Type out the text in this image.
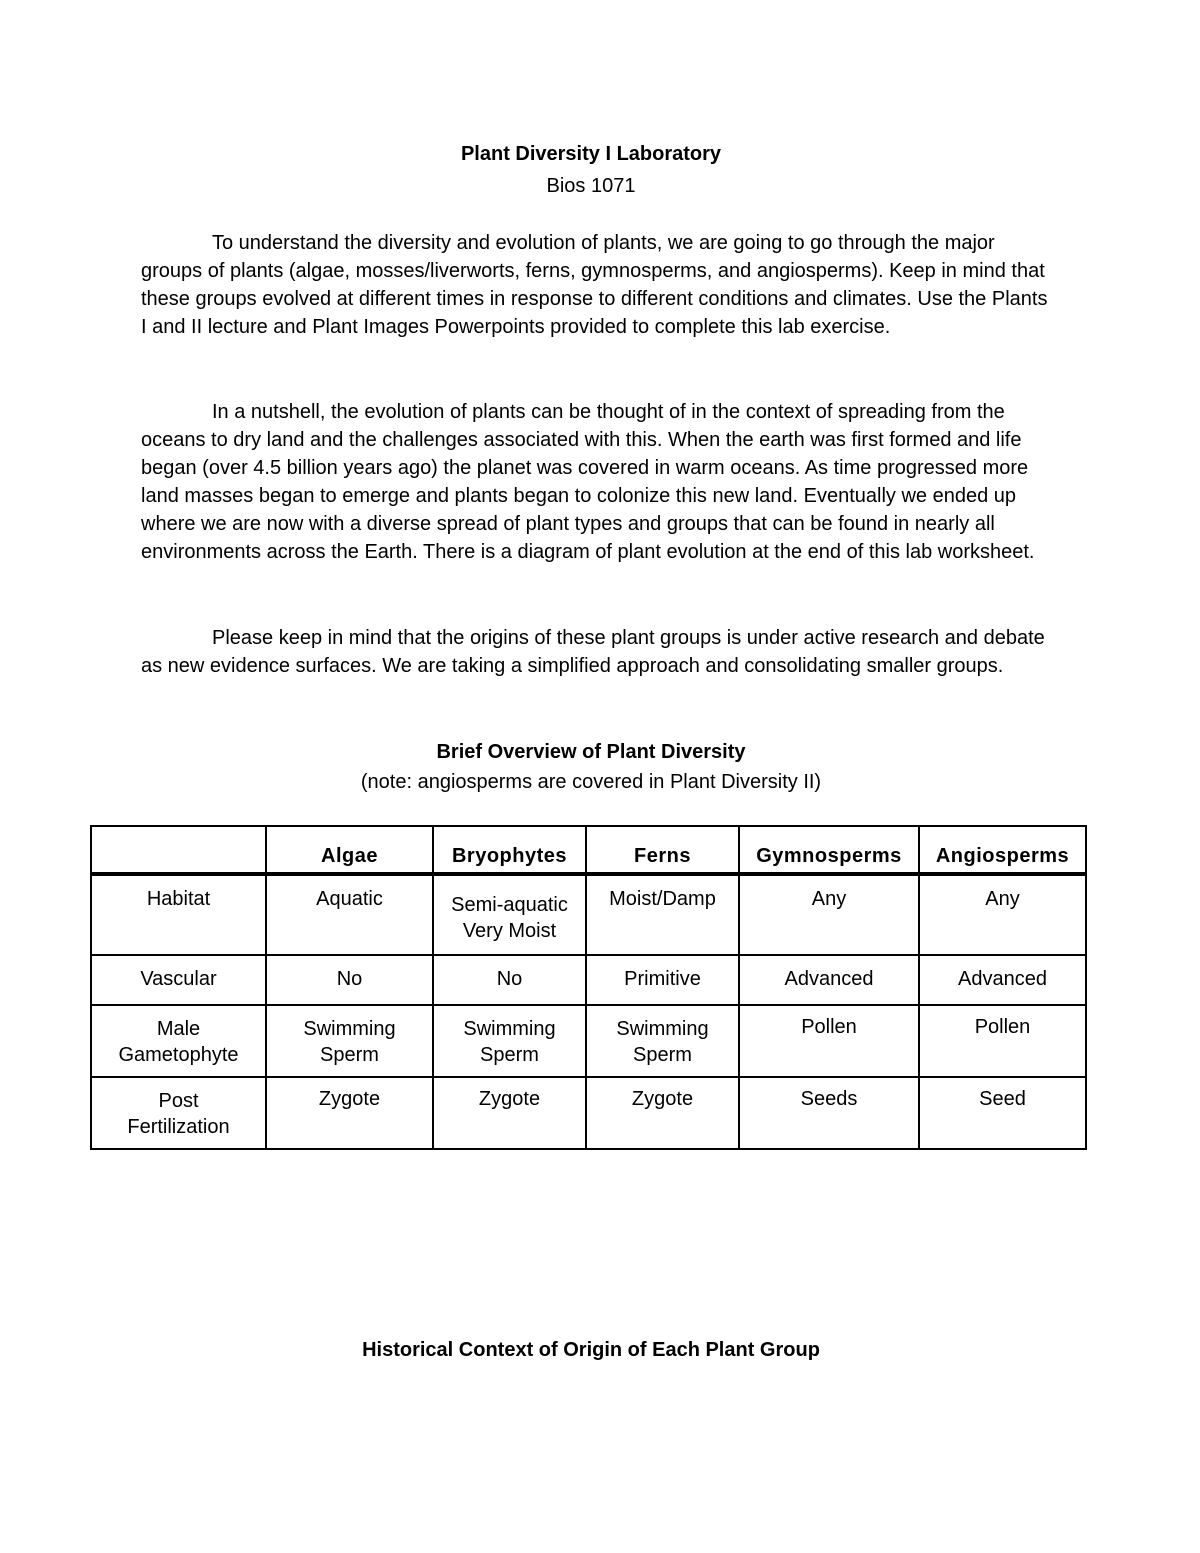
Plant Diversity I Laboratory
Bios 1071

To understand the diversity and evolution of plants, we are going to go through the major groups of plants (algae, mosses/liverworts, ferns, gymnosperms, and angiosperms). Keep in mind that these groups evolved at different times in response to different conditions and climates. Use the Plants I and II lecture and Plant Images Powerpoints provided to complete this lab exercise.

In a nutshell, the evolution of plants can be thought of in the context of spreading from the oceans to dry land and the challenges associated with this. When the earth was first formed and life began (over 4.5 billion years ago) the planet was covered in warm oceans. As time progressed more land masses began to emerge and plants began to colonize this new land. Eventually we ended up where we are now with a diverse spread of plant types and groups that can be found in nearly all environments across the Earth. There is a diagram of plant evolution at the end of this lab worksheet.

Please keep in mind that the origins of these plant groups is under active research and debate as new evidence surfaces. We are taking a simplified approach and consolidating smaller groups.

Brief Overview of Plant Diversity
(note: angiosperms are covered in Plant Diversity II)
	Algae	Bryophytes	Ferns	Gymnosperms	Angiosperms

Habitat	Aquatic	Semi-aquatic
Very Moist	Moist/Damp	Any	Any

Vascular	No	No	Primitive	Advanced	Advanced

Male
Gametophyte	Swimming
Sperm	Swimming
Sperm	Swimming
Sperm	Pollen	Pollen

Post
Fertilization	Zygote	Zygote	Zygote	Seeds	Seed
Historical Context of Origin of Each Plant Group
